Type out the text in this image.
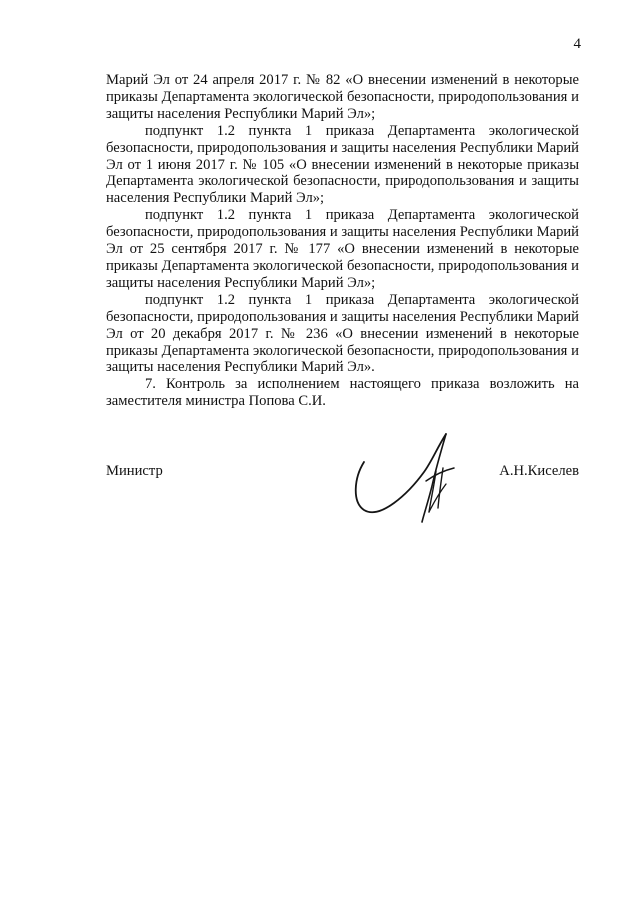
4

Марий Эл от 24 апреля 2017 г. № 82 «О внесении изменений в некоторые приказы Департамента экологической безопасности, природопользования и защиты населения Республики Марий Эл»;

подпункт 1.2 пункта 1 приказа Департамента экологической безопасности, природопользования и защиты населения Республики Марий Эл от 1 июня 2017 г. № 105 «О внесении изменений в некоторые приказы Департамента экологической безопасности, природопользования и защиты населения Республики Марий Эл»;

подпункт 1.2 пункта 1 приказа Департамента экологической безопасности, природопользования и защиты населения Республики Марий Эл от 25 сентября 2017 г. № 177 «О внесении изменений в некоторые приказы Департамента экологической безопасности, природопользования и защиты населения Республики Марий Эл»;

подпункт 1.2 пункта 1 приказа Департамента экологической безопасности, природопользования и защиты населения Республики Марий Эл от 20 декабря 2017 г. № 236 «О внесении изменений в некоторые приказы Департамента экологической безопасности, природопользования и защиты населения Республики Марий Эл».

7. Контроль за исполнением настоящего приказа возложить на заместителя министра Попова С.И.

Министр	А.Н.Киселев
